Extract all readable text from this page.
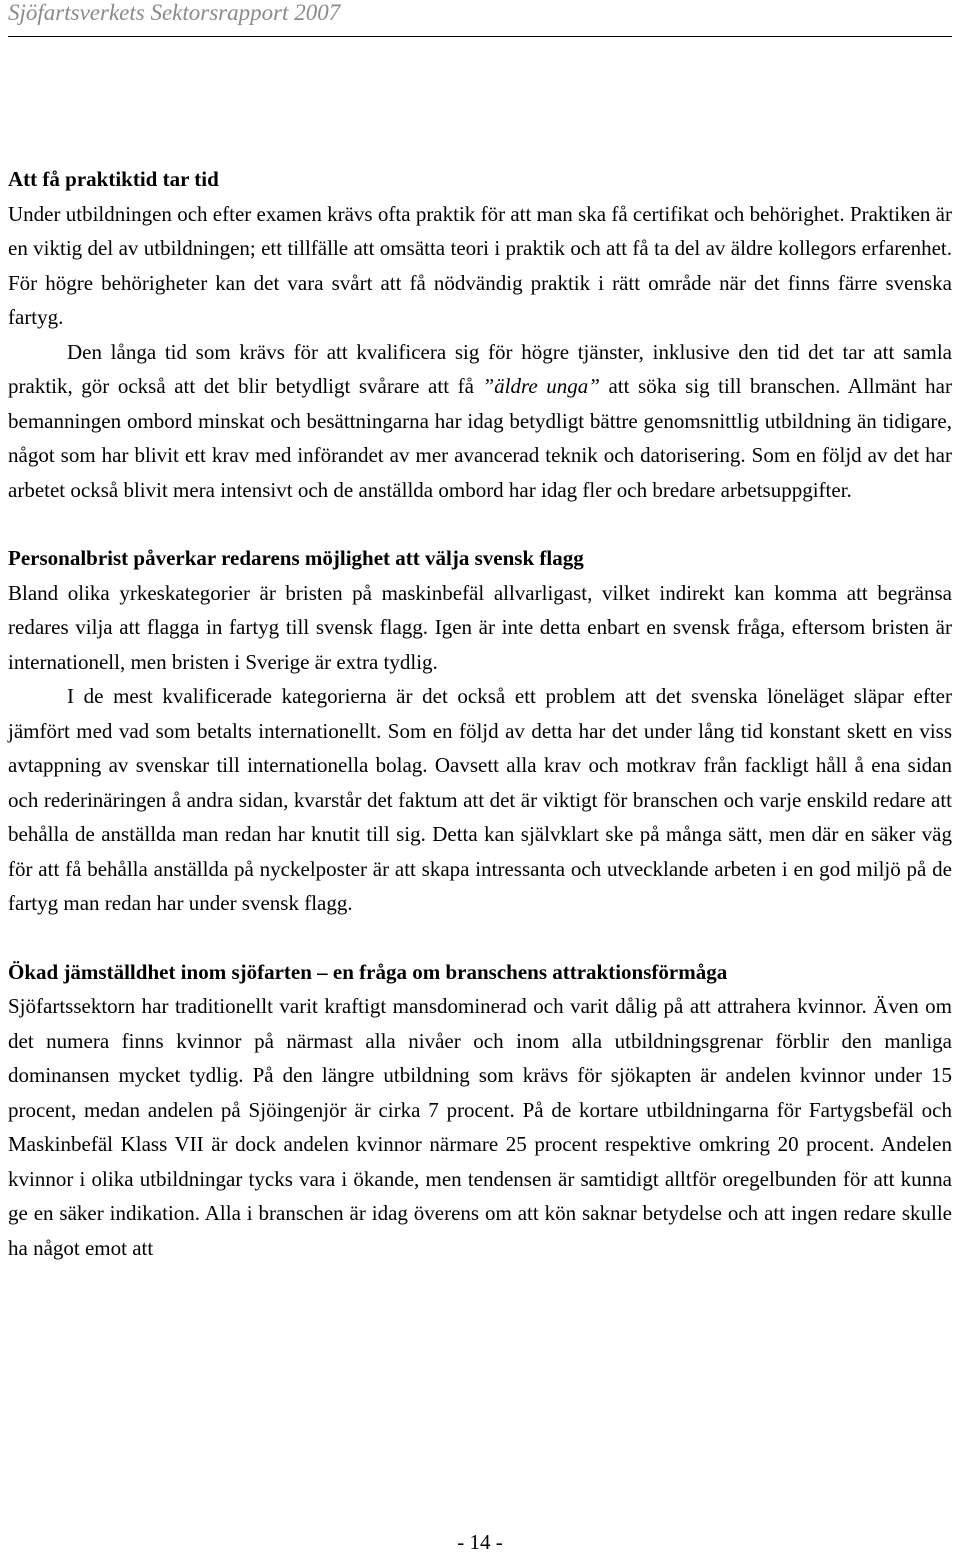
Sjöfartsverkets Sektorsrapport 2007

Att få praktiktid tar tid

Under utbildningen och efter examen krävs ofta praktik för att man ska få certifikat och behörighet. Praktiken är en viktig del av utbildningen; ett tillfälle att omsätta teori i praktik och att få ta del av äldre kollegors erfarenhet. För högre behörigheter kan det vara svårt att få nödvändig praktik i rätt område när det finns färre svenska fartyg.

Den långa tid som krävs för att kvalificera sig för högre tjänster, inklusive den tid det tar att samla praktik, gör också att det blir betydligt svårare att få ”äldre unga” att söka sig till branschen. Allmänt har bemanningen ombord minskat och besättningarna har idag betydligt bättre genomsnittlig utbildning än tidigare, något som har blivit ett krav med införandet av mer avancerad teknik och datorisering. Som en följd av det har arbetet också blivit mera intensivt och de anställda ombord har idag fler och bredare arbetsuppgifter.

Personalbrist påverkar redarens möjlighet att välja svensk flagg

Bland olika yrkeskategorier är bristen på maskinbefäl allvarligast, vilket indirekt kan komma att begränsa redares vilja att flagga in fartyg till svensk flagg. Igen är inte detta enbart en svensk fråga, eftersom bristen är internationell, men bristen i Sverige är extra tydlig.

I de mest kvalificerade kategorierna är det också ett problem att det svenska löneläget släpar efter jämfört med vad som betalts internationellt. Som en följd av detta har det under lång tid konstant skett en viss avtappning av svenskar till internationella bolag. Oavsett alla krav och motkrav från fackligt håll å ena sidan och rederinäringen å andra sidan, kvarstår det faktum att det är viktigt för branschen och varje enskild redare att behålla de anställda man redan har knutit till sig. Detta kan självklart ske på många sätt, men där en säker väg för att få behålla anställda på nyckelposter är att skapa intressanta och utvecklande arbeten i en god miljö på de fartyg man redan har under svensk flagg.

Ökad jämställdhet inom sjöfarten – en fråga om branschens attraktionsförmåga

Sjöfartssektorn har traditionellt varit kraftigt mansdominerad och varit dålig på att attrahera kvinnor. Även om det numera finns kvinnor på närmast alla nivåer och inom alla utbildningsgrenar förblir den manliga dominansen mycket tydlig. På den längre utbildning som krävs för sjökapten är andelen kvinnor under 15 procent, medan andelen på Sjöingenjör är cirka 7 procent. På de kortare utbildningarna för Fartygsbefäl och Maskinbefäl Klass VII är dock andelen kvinnor närmare 25 procent respektive omkring 20 procent. Andelen kvinnor i olika utbildningar tycks vara i ökande, men tendensen är samtidigt alltför oregelbunden för att kunna ge en säker indikation. Alla i branschen är idag överens om att kön saknar betydelse och att ingen redare skulle ha något emot att

- 14 -
